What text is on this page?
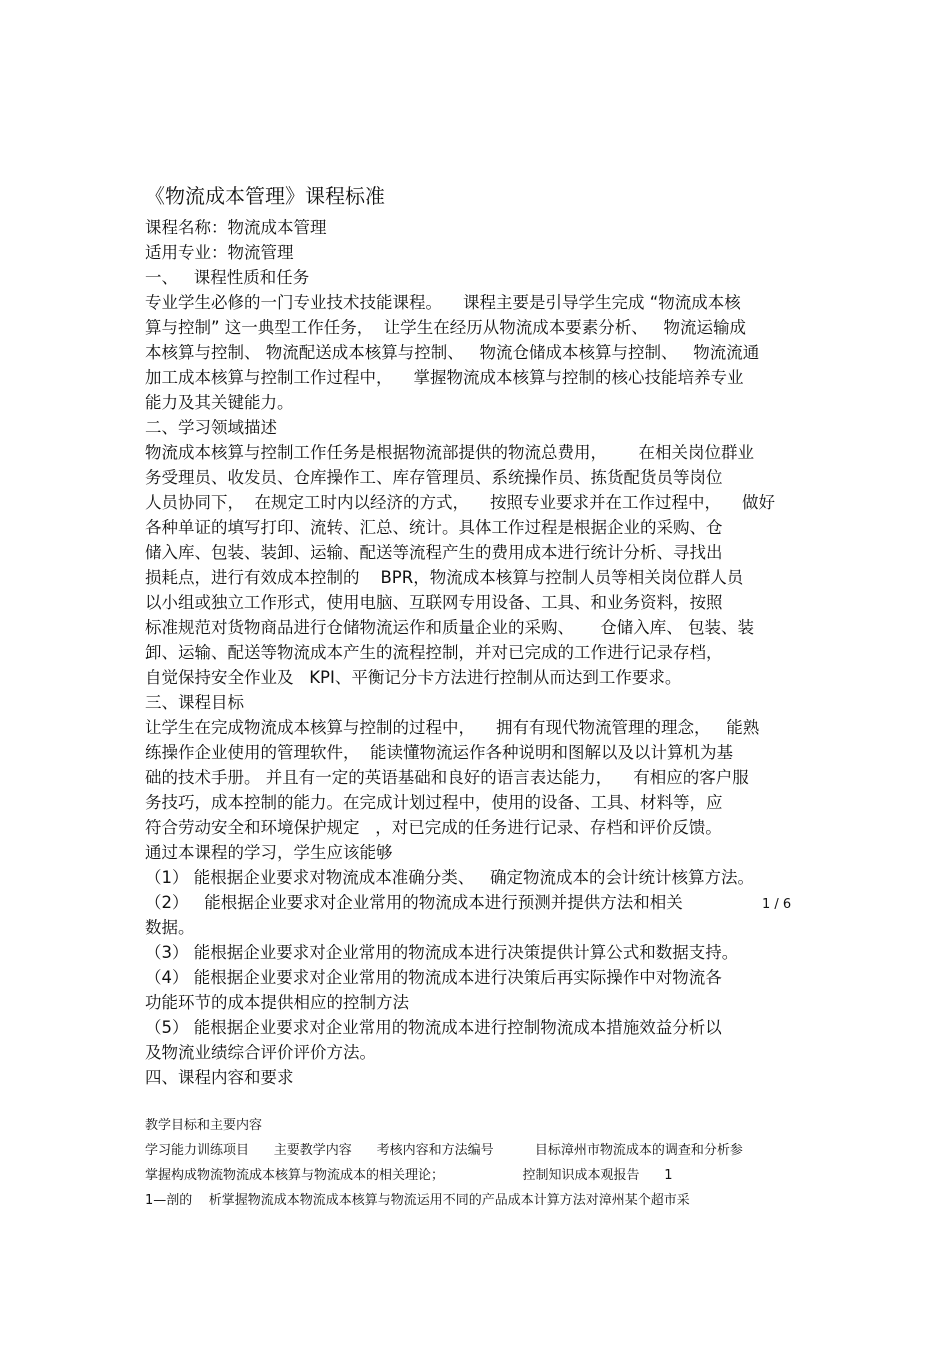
《物流成本管理》课程标准
课程名称：物流成本管理
适用专业：物流管理
一、   课程性质和任务
专业学生必修的一门专业技术技能课程。    课程主要是引导学生完成 “物流成本核
算与控制” 这一典型工作任务，  让学生在经历从物流成本要素分析、   物流运输成
本核算与控制、 物流配送成本核算与控制、   物流仓储成本核算与控制、   物流流通
加工成本核算与控制工作过程中，    掌握物流成本核算与控制的核心技能培养专业
能力及其关键能力。
二、学习领域描述
物流成本核算与控制工作任务是根据物流部提供的物流总费用，      在相关岗位群业
务受理员、收发员、仓库操作工、库存管理员、系统操作员、拣货配货员等岗位
人员协同下，  在规定工时内以经济的方式，    按照专业要求并在工作过程中，    做好
各种单证的填写打印、流转、汇总、统计。具体工作过程是根据企业的采购、仓
储入库、包装、装卸、运输、配送等流程产生的费用成本进行统计分析、寻找出
损耗点，进行有效成本控制的    BPR，物流成本核算与控制人员等相关岗位群人员
以小组或独立工作形式，使用电脑、互联网专用设备、工具、和业务资料，按照
标准规范对货物商品进行仓储物流运作和质量企业的采购、     仓储入库、 包装、装
卸、运输、配送等物流成本产生的流程控制，并对已完成的工作进行记录存档，
自觉保持安全作业及   KPI、平衡记分卡方法进行控制从而达到工作要求。
三、课程目标
让学生在完成物流成本核算与控制的过程中，    拥有有现代物流管理的理念，   能熟
练操作企业使用的管理软件，  能读懂物流运作各种说明和图解以及以计算机为基
础的技术手册。 并且有一定的英语基础和良好的语言表达能力，    有相应的客户服
务技巧，成本控制的能力。在完成计划过程中，使用的设备、工具、材料等，应
符合劳动安全和环境保护规定   ，对已完成的任务进行记录、存档和评价反馈。
通过本课程的学习，学生应该能够
（1） 能根据企业要求对物流成本准确分类、   确定物流成本的会计统计核算方法。
（2）   能根据企业要求对企业常用的物流成本进行预测并提供方法和相关	1 / 6
数据。
（3） 能根据企业要求对企业常用的物流成本进行决策提供计算公式和数据支持。
（4） 能根据企业要求对企业常用的物流成本进行决策后再实际操作中对物流各
功能环节的成本提供相应的控制方法
（5） 能根据企业要求对企业常用的物流成本进行控制物流成本措施效益分析以
及物流业绩综合评价评价方法。
四、课程内容和要求
教学目标和主要内容
学习能力训练项目      主要教学内容      考核内容和方法编号          目标漳州市物流成本的调查和分析参
掌握构成物流物流成本核算与物流成本的相关理论；                   控制知识成本观报告      1
1—剖的    析掌握物流成本物流成本核算与物流运用不同的产品成本计算方法对漳州某个超市采
